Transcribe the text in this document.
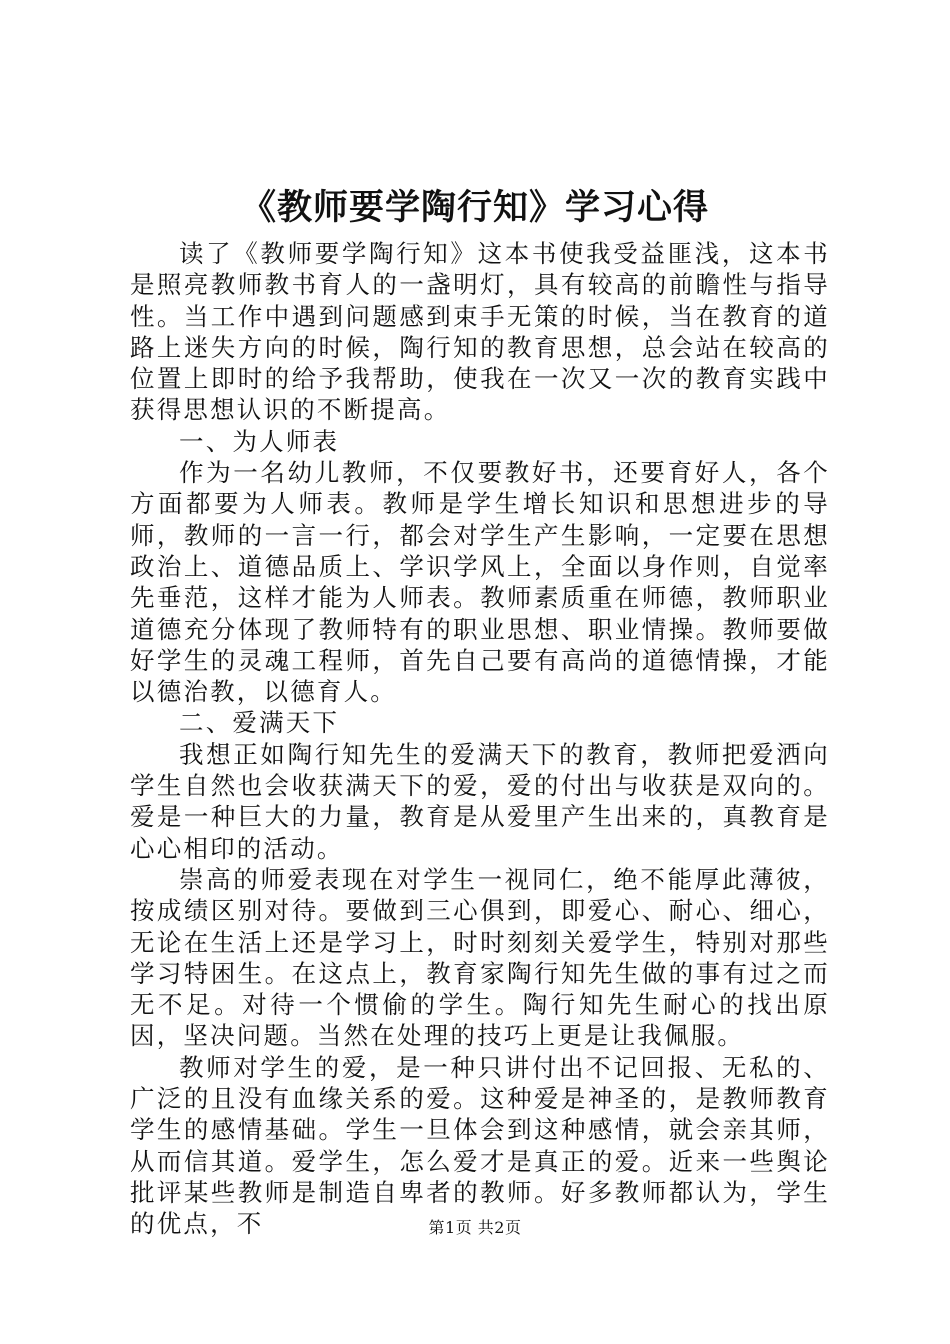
《教师要学陶行知》学习心得

读了《教师要学陶行知》这本书使我受益匪浅，这本书是照亮教师教书育人的一盏明灯，具有较高的前瞻性与指导性。当工作中遇到问题感到束手无策的时候，当在教育的道路上迷失方向的时候，陶行知的教育思想，总会站在较高的位置上即时的给予我帮助，使我在一次又一次的教育实践中获得思想认识的不断提高。

一、为人师表

作为一名幼儿教师，不仅要教好书，还要育好人，各个方面都要为人师表。教师是学生增长知识和思想进步的导师，教师的一言一行，都会对学生产生影响，一定要在思想政治上、道德品质上、学识学风上，全面以身作则，自觉率先垂范，这样才能为人师表。教师素质重在师德，教师职业道德充分体现了教师特有的职业思想、职业情操。教师要做好学生的灵魂工程师，首先自己要有高尚的道德情操，才能以德治教，以德育人。

二、爱满天下

我想正如陶行知先生的爱满天下的教育，教师把爱洒向学生自然也会收获满天下的爱，爱的付出与收获是双向的。爱是一种巨大的力量，教育是从爱里产生出来的，真教育是心心相印的活动。

崇高的师爱表现在对学生一视同仁，绝不能厚此薄彼，按成绩区别对待。要做到三心俱到，即爱心、耐心、细心，无论在生活上还是学习上，时时刻刻关爱学生，特别对那些学习特困生。在这点上，教育家陶行知先生做的事有过之而无不足。对待一个惯偷的学生。陶行知先生耐心的找出原因，坚决问题。当然在处理的技巧上更是让我佩服。

教师对学生的爱，是一种只讲付出不记回报、无私的、广泛的且没有血缘关系的爱。这种爱是神圣的，是教师教育学生的感情基础。学生一旦体会到这种感情，就会亲其师，从而信其道。爱学生，怎么爱才是真正的爱。近来一些舆论批评某些教师是制造自卑者的教师。好多教师都认为，学生的优点，不	第1页 共2页
